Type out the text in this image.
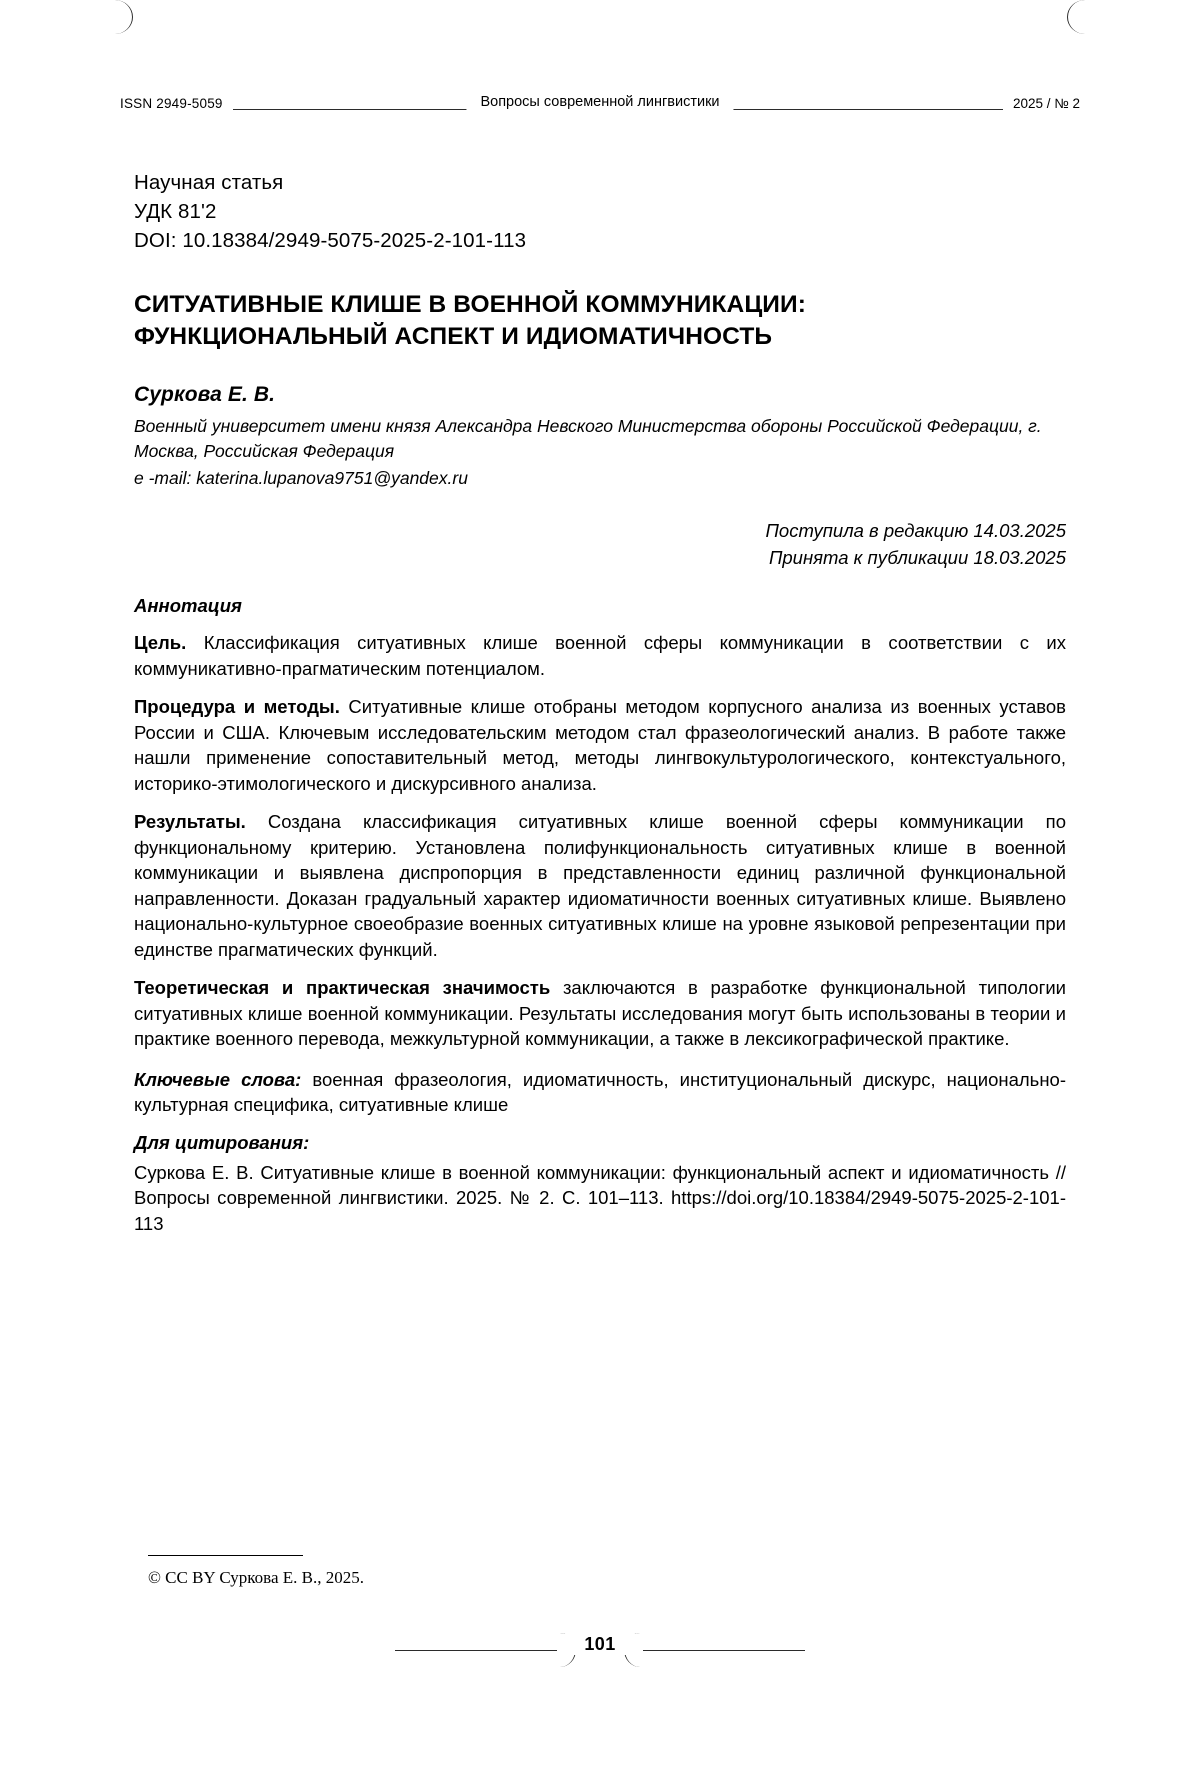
ISSN 2949-5059	Вопросы современной лингвистики	2025 / № 2
Научная статья
УДК 81'2
DOI: 10.18384/2949-5075-2025-2-101-113
СИТУАТИВНЫЕ КЛИШЕ В ВОЕННОЙ КОММУНИКАЦИИ: ФУНКЦИОНАЛЬНЫЙ АСПЕКТ И ИДИОМАТИЧНОСТЬ
Суркова Е. В.
Военный университет имени князя Александра Невского Министерства обороны Российской Федерации, г. Москва, Российская Федерация
e -mail: katerina.lupanova9751@yandex.ru
Поступила в редакцию 14.03.2025
Принята к публикации 18.03.2025
Аннотация

Цель. Классификация ситуативных клише военной сферы коммуникации в соответствии с их коммуникативно-прагматическим потенциалом.

Процедура и методы. Ситуативные клише отобраны методом корпусного анализа из военных уставов России и США. Ключевым исследовательским методом стал фразеологический анализ. В работе также нашли применение сопоставительный метод, методы лингвокультурологического, контекстуального, историко-этимологического и дискурсивного анализа.

Результаты. Создана классификация ситуативных клише военной сферы коммуникации по функциональному критерию. Установлена полифункциональность ситуативных клише в военной коммуникации и выявлена диспропорция в представленности единиц различной функциональной направленности. Доказан градуальный характер идиоматичности военных ситуативных клише. Выявлено национально-культурное своеобразие военных ситуативных клише на уровне языковой репрезентации при единстве прагматических функций.

Теоретическая и практическая значимость заключаются в разработке функциональной типологии ситуативных клише военной коммуникации. Результаты исследования могут быть использованы в теории и практике военного перевода, межкультурной коммуникации, а также в лексикографической практике.

Ключевые слова: военная фразеология, идиоматичность, институциональный дискурс, национально-культурная специфика, ситуативные клише
Для цитирования:
Суркова Е. В. Ситуативные клише в военной коммуникации: функциональный аспект и идиоматичность // Вопросы современной лингвистики. 2025. № 2. С. 101–113. https://doi.org/10.18384/2949-5075-2025-2-101-113
© CC BY Суркова Е. В., 2025.
101
